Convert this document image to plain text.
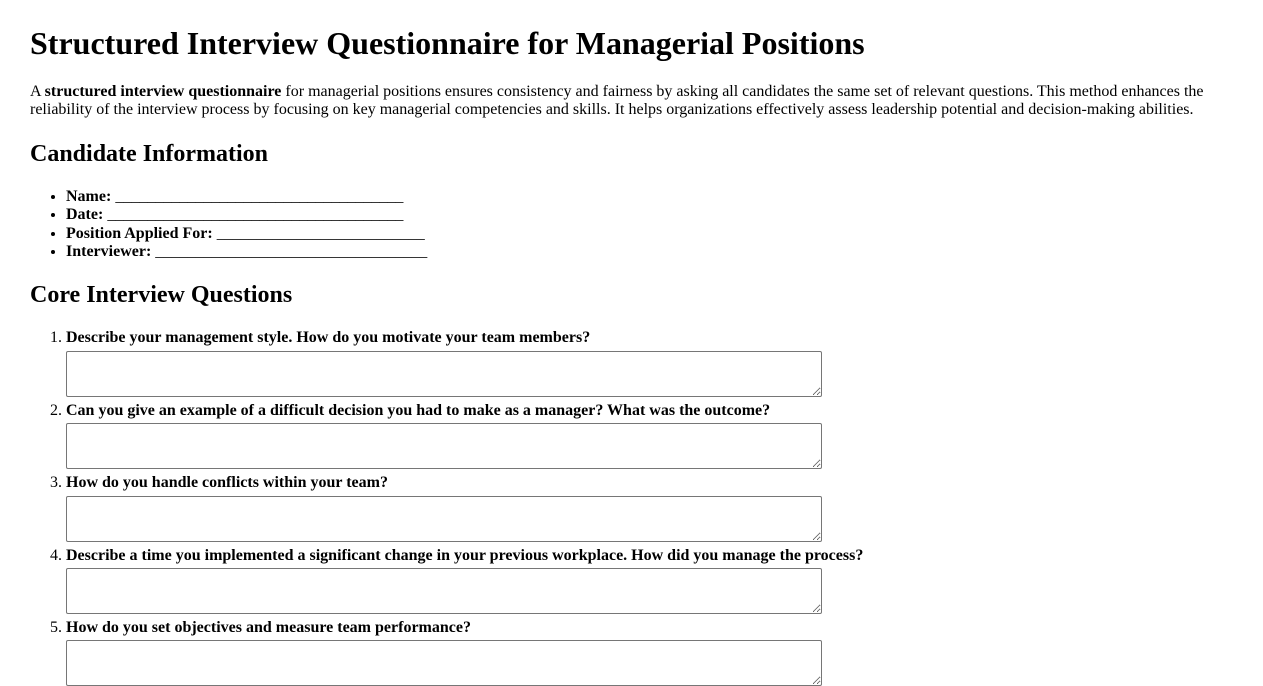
Structured Interview Questionnaire for Managerial Positions

A structured interview questionnaire for managerial positions ensures consistency and fairness by asking all candidates the same set of relevant questions. This method enhances the reliability of the interview process by focusing on key managerial competencies and skills. It helps organizations effectively assess leadership potential and decision-making abilities.

Candidate Information
• Name: ____________________________________
• Date: _____________________________________
• Position Applied For: __________________________
• Interviewer: __________________________________
Core Interview Questions
1. Describe your management style. How do you motivate your team members?
2. Can you give an example of a difficult decision you had to make as a manager? What was the outcome?
3. How do you handle conflicts within your team?
4. Describe a time you implemented a significant change in your previous workplace. How did you manage the process?
5. How do you set objectives and measure team performance?
